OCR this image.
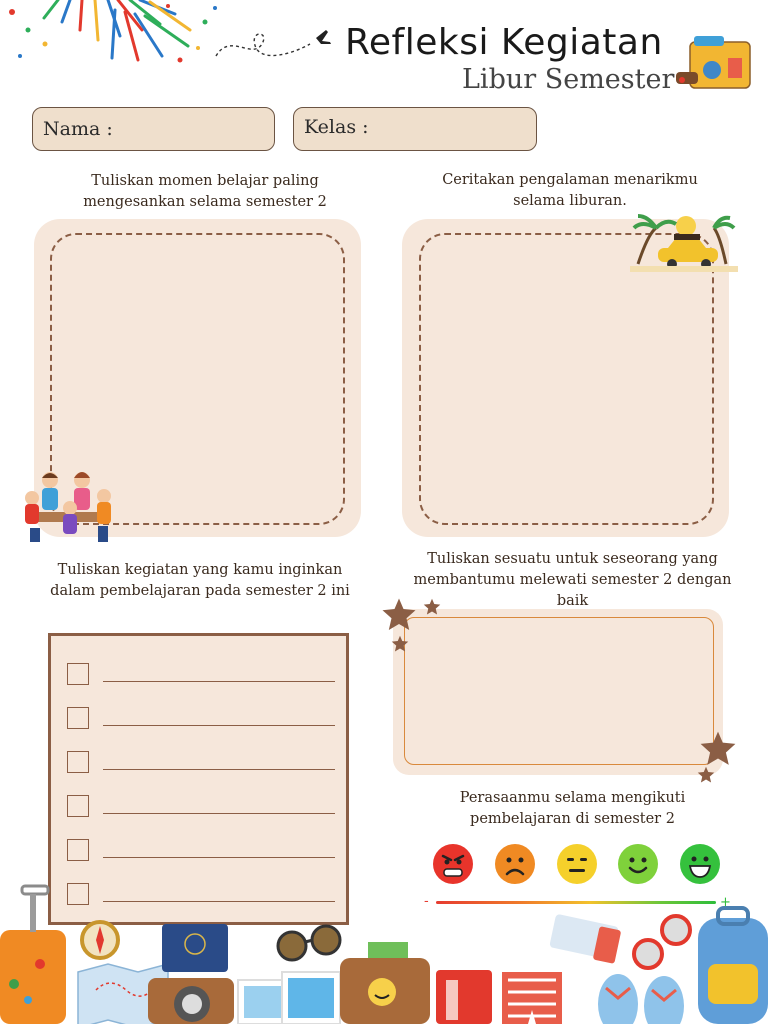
Refleksi Kegiatan
Libur Semester
Nama :	Kelas :
Tuliskan momen belajar paling
mengesankan selama semester 2
Ceritakan pengalaman menarikmu
selama liburan.
Tuliskan kegiatan yang kamu inginkan
dalam pembelajaran pada semester 2 ini
Tuliskan sesuatu untuk seseorang yang
membantumu melewati semester 2 dengan
baik
Perasaanmu selama mengikuti
pembelajaran di semester 2
-	+
